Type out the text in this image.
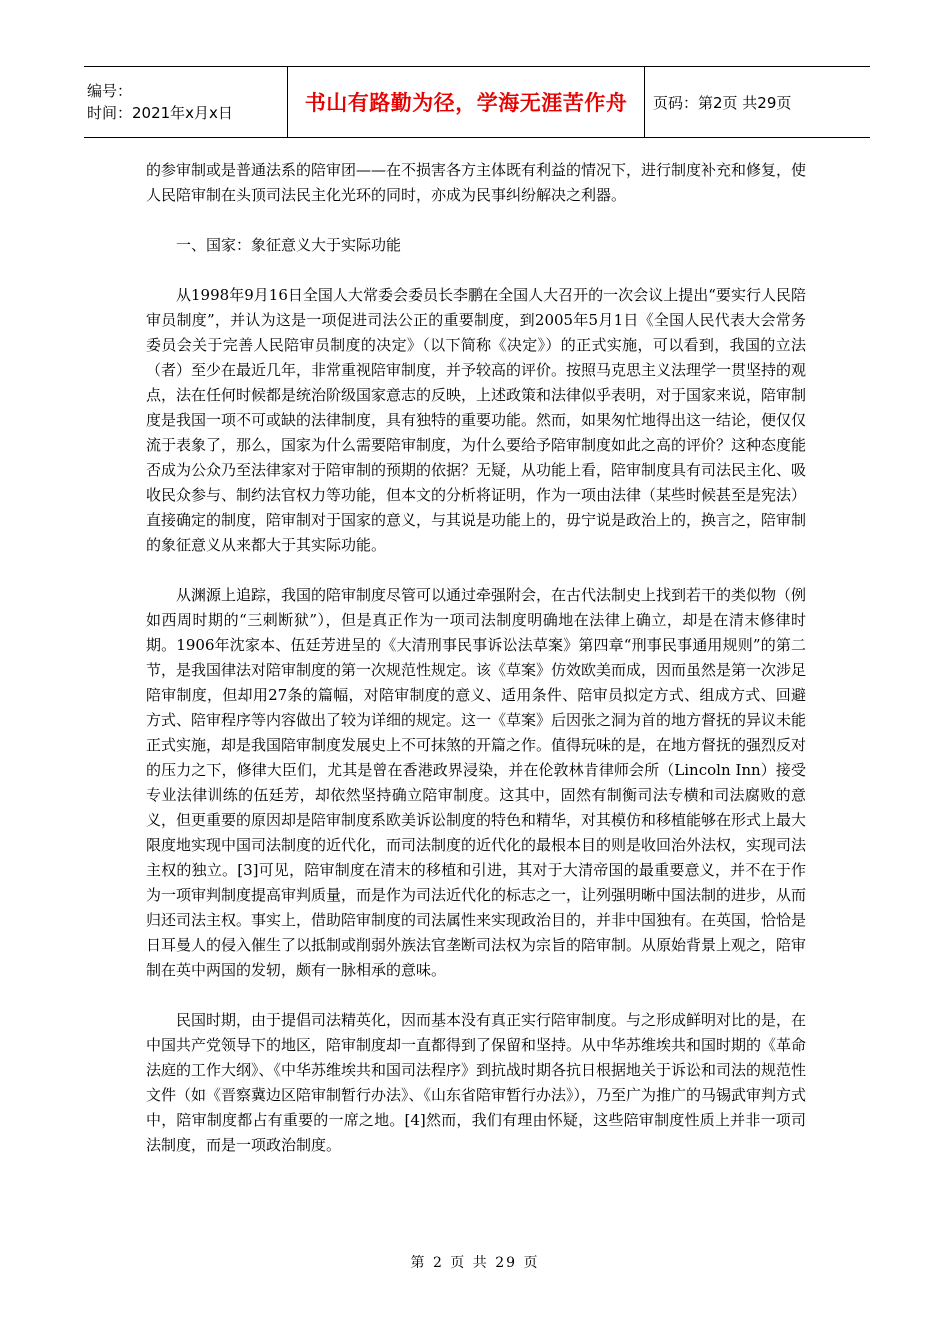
编号：
时间：2021年x月x日	书山有路勤为径，学海无涯苦作舟	页码：第2页 共29页

的参审制或是普通法系的陪审团——在不损害各方主体既有利益的情况下，进行制度补充和修复，使人民陪审制在头顶司法民主化光环的同时，亦成为民事纠纷解决之利器。

一、国家：象征意义大于实际功能

从1998年9月16日全国人大常委会委员长李鹏在全国人大召开的一次会议上提出“要实行人民陪审员制度”，并认为这是一项促进司法公正的重要制度，到2005年5月1日《全国人民代表大会常务委员会关于完善人民陪审员制度的决定》（以下简称《决定》）的正式实施，可以看到，我国的立法（者）至少在最近几年，非常重视陪审制度，并予较高的评价。按照马克思主义法理学一贯坚持的观点，法在任何时候都是统治阶级国家意志的反映，上述政策和法律似乎表明，对于国家来说，陪审制度是我国一项不可或缺的法律制度，具有独特的重要功能。然而，如果匆忙地得出这一结论，便仅仅流于表象了，那么，国家为什么需要陪审制度，为什么要给予陪审制度如此之高的评价？这种态度能否成为公众乃至法律家对于陪审制的预期的依据？无疑，从功能上看，陪审制度具有司法民主化、吸收民众参与、制约法官权力等功能，但本文的分析将证明，作为一项由法律（某些时候甚至是宪法）直接确定的制度，陪审制对于国家的意义，与其说是功能上的，毋宁说是政治上的，换言之，陪审制的象征意义从来都大于其实际功能。

从渊源上追踪，我国的陪审制度尽管可以通过牵强附会，在古代法制史上找到若干的类似物（例如西周时期的“三刺断狱”），但是真正作为一项司法制度明确地在法律上确立，却是在清末修律时期。1906年沈家本、伍廷芳进呈的《大清刑事民事诉讼法草案》第四章“刑事民事通用规则”的第二节，是我国律法对陪审制度的第一次规范性规定。该《草案》仿效欧美而成，因而虽然是第一次涉足陪审制度，但却用27条的篇幅，对陪审制度的意义、适用条件、陪审员拟定方式、组成方式、回避方式、陪审程序等内容做出了较为详细的规定。这一《草案》后因张之洞为首的地方督抚的异议未能正式实施，却是我国陪审制度发展史上不可抹煞的开篇之作。值得玩味的是，在地方督抚的强烈反对的压力之下，修律大臣们，尤其是曾在香港政界浸染，并在伦敦林肯律师会所（Lincoln Inn）接受专业法律训练的伍廷芳，却依然坚持确立陪审制度。这其中，固然有制衡司法专横和司法腐败的意义，但更重要的原因却是陪审制度系欧美诉讼制度的特色和精华，对其模仿和移植能够在形式上最大限度地实现中国司法制度的近代化，而司法制度的近代化的最根本目的则是收回治外法权，实现司法主权的独立。[3]可见，陪审制度在清末的移植和引进，其对于大清帝国的最重要意义，并不在于作为一项审判制度提高审判质量，而是作为司法近代化的标志之一，让列强明晰中国法制的进步，从而归还司法主权。事实上，借助陪审制度的司法属性来实现政治目的，并非中国独有。在英国，恰恰是日耳曼人的侵入催生了以抵制或削弱外族法官垄断司法权为宗旨的陪审制。从原始背景上观之，陪审制在英中两国的发轫，颇有一脉相承的意味。

民国时期，由于提倡司法精英化，因而基本没有真正实行陪审制度。与之形成鲜明对比的是，在中国共产党领导下的地区，陪审制度却一直都得到了保留和坚持。从中华苏维埃共和国时期的《革命法庭的工作大纲》、《中华苏维埃共和国司法程序》到抗战时期各抗日根据地关于诉讼和司法的规范性文件（如《晋察冀边区陪审制暂行办法》、《山东省陪审暂行办法》），乃至广为推广的马锡武审判方式中，陪审制度都占有重要的一席之地。[4]然而，我们有理由怀疑，这些陪审制度性质上并非一项司法制度，而是一项政治制度。

第 2 页 共 29 页
